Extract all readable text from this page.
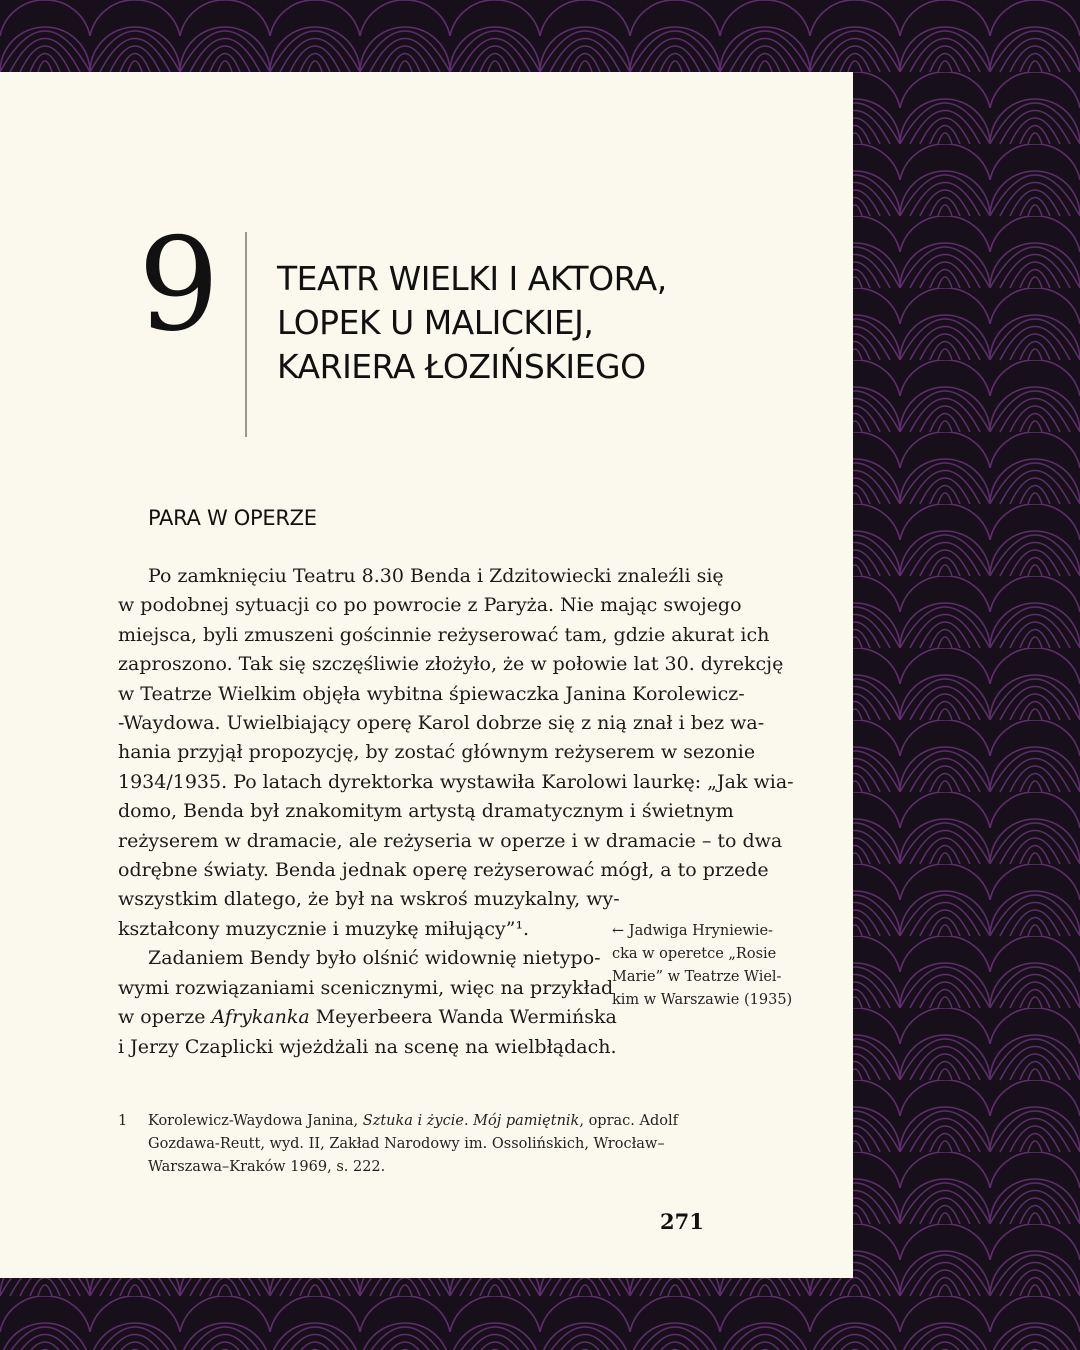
9 TEATR WIELKI I AKTORA,
LOPEK U MALICKIEJ,
KARIERA ŁOZIŃSKIEGO
PARA W OPERZE
Po zamknięciu Teatru 8.30 Benda i Zdzitowiecki znaleźli się
w podobnej sytuacji co po powrocie z Paryża. Nie mając swojego
miejsca, byli zmuszeni gościnnie reżyserować tam, gdzie akurat ich
zaproszono. Tak się szczęśliwie złożyło, że w połowie lat 30. dyrekcję
w Teatrze Wielkim objęła wybitna śpiewaczka Janina Korolewicz-
-Waydowa. Uwielbiający operę Karol dobrze się z nią znał i bez wa-
hania przyjął propozycję, by zostać głównym reżyserem w sezonie
1934/1935. Po latach dyrektorka wystawiła Karolowi laurkę: „Jak wia-
domo, Benda był znakomitym artystą dramatycznym i świetnym
reżyserem w dramacie, ale reżyseria w operze i w dramacie – to dwa
odrębne światy. Benda jednak operę reżyserować mógł, a to przede
wszystkim dlatego, że był na wskroś muzykalny, wy-
kształcony muzycznie i muzykę miłujący”¹.
Zadaniem Bendy było olśnić widownię nietypo-
wymi rozwiązaniami scenicznymi, więc na przykład
w operze Afrykanka Meyerbeera Wanda Wermińska
i Jerzy Czaplicki wjeżdżali na scenę na wielbłądach.
← Jadwiga Hryniewie-
cka w operetce „Rosie
Marie” w Teatrze Wiel-
kim w Warszawie (1935)
1 Korolewicz-Waydowa Janina, Sztuka i życie. Mój pamiętnik, oprac. Adolf
Gozdawa-Reutt, wyd. II, Zakład Narodowy im. Ossolińskich, Wrocław–
Warszawa–Kraków 1969, s. 222.
271
